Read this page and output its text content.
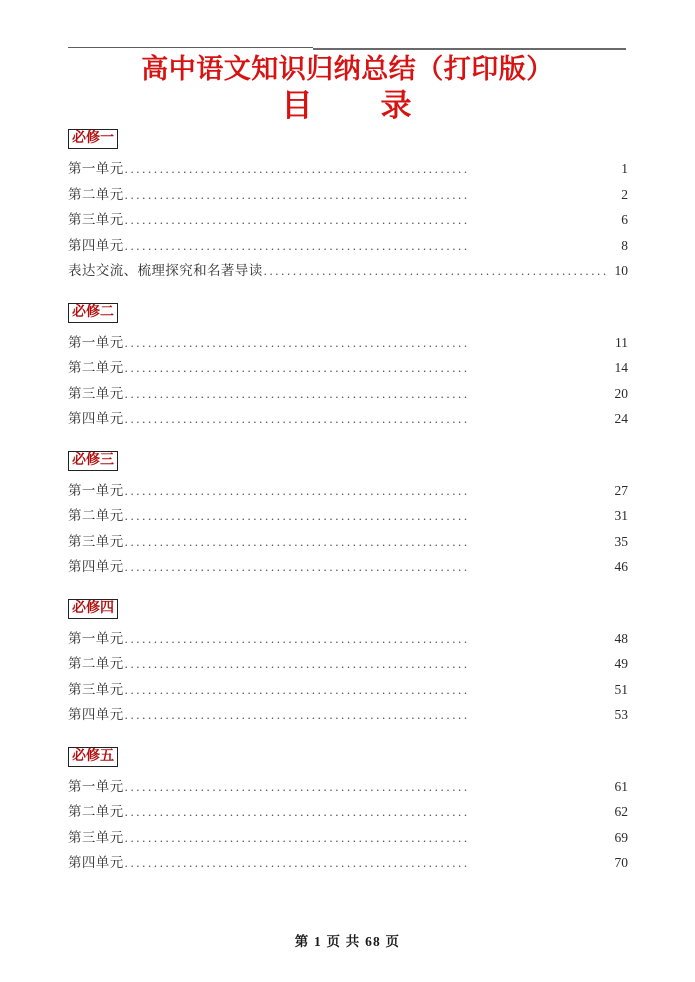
高中语文知识归纳总结（打印版）
目　　录
必修一
第一单元 ...........................................................	1
第二单元 ...........................................................	2
第三单元 ...........................................................	6
第四单元 ...........................................................	8
表达交流、梳理探究和名著导读 ........................................................... 10
必修二
第一单元 ...........................................................	11
第二单元 ...........................................................	14
第三单元 ...........................................................	20
第四单元 ...........................................................	24
必修三
第一单元 ...........................................................	27
第二单元 ...........................................................	31
第三单元 ...........................................................	35
第四单元 ...........................................................	46
必修四
第一单元 ...........................................................	48
第二单元 ...........................................................	49
第三单元 ...........................................................	51
第四单元 ...........................................................	53
必修五
第一单元 ...........................................................	61
第二单元 ...........................................................	62
第三单元 ...........................................................	69
第四单元 ...........................................................	70
第 1 页 共 68 页
